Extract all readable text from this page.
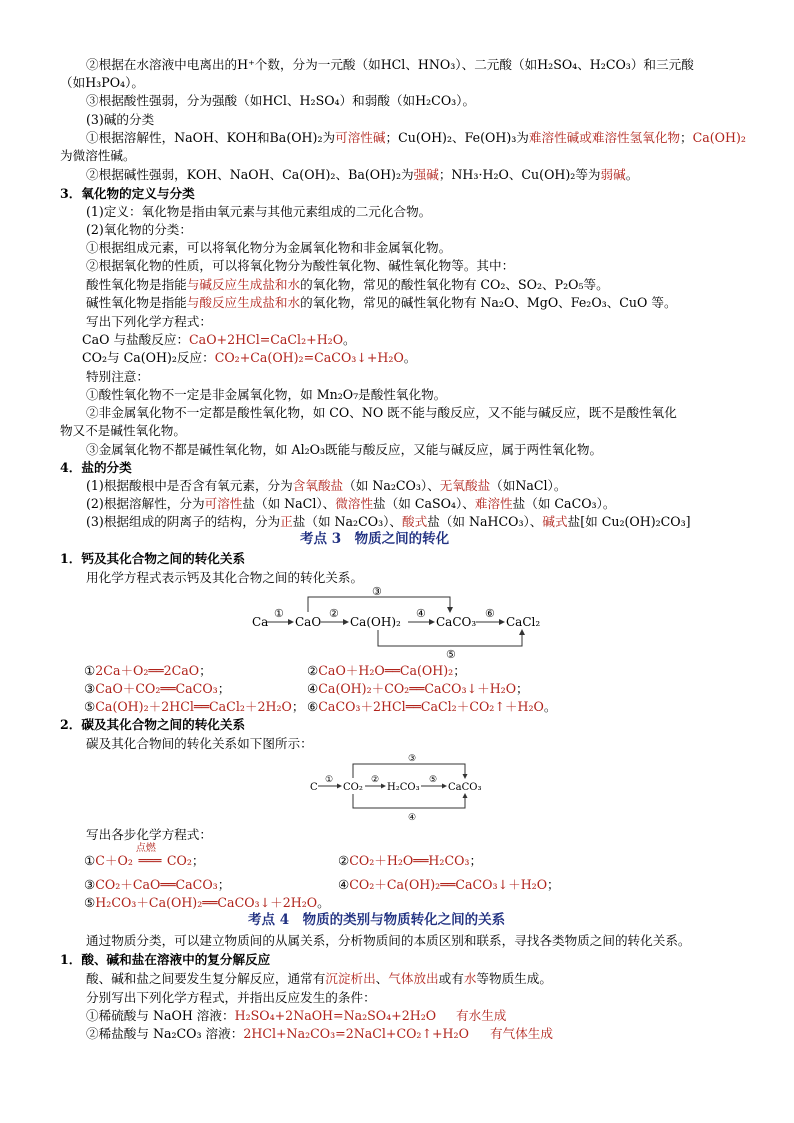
②根据在水溶液中电离出的H⁺个数，分为一元酸（如HCl、HNO₃）、二元酸（如H₂SO₄、H₂CO₃）和三元酸
（如H₃PO₄）。
③根据酸性强弱，分为强酸（如HCl、H₂SO₄）和弱酸（如H₂CO₃）。
(3)碱的分类
①根据溶解性，NaOH、KOH和Ba(OH)₂为可溶性碱；Cu(OH)₂、Fe(OH)₃为难溶性碱或难溶性氢氧化物；Ca(OH)₂
为微溶性碱。
②根据碱性强弱，KOH、NaOH、Ca(OH)₂、Ba(OH)₂为强碱；NH₃·H₂O、Cu(OH)₂等为弱碱。
3．氧化物的定义与分类
(1)定义：氧化物是指由氧元素与其他元素组成的二元化合物。
(2)氧化物的分类：
①根据组成元素，可以将氧化物分为金属氧化物和非金属氧化物。
②根据氧化物的性质，可以将氧化物分为酸性氧化物、碱性氧化物等。其中：
酸性氧化物是指能与碱反应生成盐和水的氧化物，常见的酸性氧化物有 CO₂、SO₂、P₂O₅等。
碱性氧化物是指能与酸反应生成盐和水的氧化物，常见的碱性氧化物有 Na₂O、MgO、Fe₂O₃、CuO 等。
写出下列化学方程式：
CaO 与盐酸反应：CaO+2HCl=CaCl₂+H₂O。
CO₂与 Ca(OH)₂反应：CO₂+Ca(OH)₂=CaCO₃↓+H₂O。
特别注意：
①酸性氧化物不一定是非金属氧化物，如 Mn₂O₇是酸性氧化物。
②非金属氧化物不一定都是酸性氧化物，如 CO、NO 既不能与酸反应，又不能与碱反应，既不是酸性氧化
物又不是碱性氧化物。
③金属氧化物不都是碱性氧化物，如 Al₂O₃既能与酸反应，又能与碱反应，属于两性氧化物。
4．盐的分类
(1)根据酸根中是否含有氧元素，分为含氧酸盐（如 Na₂CO₃）、无氧酸盐（如NaCl）。
(2)根据溶解性，分为可溶性盐（如 NaCl）、微溶性盐（如 CaSO₄）、难溶性盐（如 CaCO₃）。
(3)根据组成的阴离子的结构，分为正盐（如 Na₂CO₃）、酸式盐（如 NaHCO₃）、碱式盐[如 Cu₂(OH)₂CO₃]
考点 3　物质之间的转化
1．钙及其化合物之间的转化关系
用化学方程式表示钙及其化合物之间的转化关系。
Ca CaO Ca(OH)₂	CaCO₃ CaCl₂
①	②
③
④
⑤
⑥
①2Ca＋O₂══2CaO；	②CaO＋H₂O══Ca(OH)₂；
③CaO＋CO₂══CaCO₃；	④Ca(OH)₂＋CO₂══CaCO₃↓＋H₂O；
⑤Ca(OH)₂＋2HCl══CaCl₂＋2H₂O； ⑥CaCO₃＋2HCl══CaCl₂＋CO₂↑＋H₂O。
2．碳及其化合物之间的转化关系
碳及其化合物间的转化关系如下图所示：
C	CO₂ H₂CO₃	CaCO₃
①	②
③
④
⑤
写出各步化学方程式：
①C＋O₂
点燃
═══ CO₂；	②CO₂＋H₂O══H₂CO₃；
③CO₂＋CaO══CaCO₃；	④CO₂＋Ca(OH)₂══CaCO₃↓＋H₂O；
⑤H₂CO₃＋Ca(OH)₂══CaCO₃↓＋2H₂O。
考点 4　物质的类别与物质转化之间的关系
通过物质分类，可以建立物质间的从属关系，分析物质间的本质区别和联系，寻找各类物质之间的转化关系。
1．酸、碱和盐在溶液中的复分解反应
酸、碱和盐之间要发生复分解反应，通常有沉淀析出、气体放出或有水等物质生成。
分别写出下列化学方程式，并指出反应发生的条件：
①稀硫酸与 NaOH 溶液：H₂SO₄+2NaOH=Na₂SO₄+2H₂O 有水生成
②稀盐酸与 Na₂CO₃ 溶液：2HCl+Na₂CO₃=2NaCl+CO₂↑+H₂O 有气体生成
